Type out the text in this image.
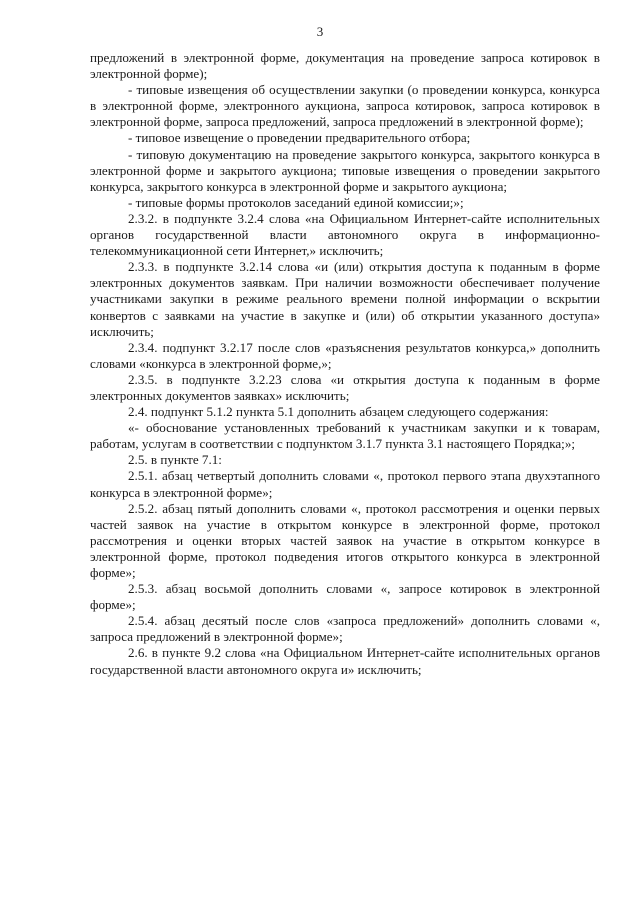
3

предложений в электронной форме, документация на проведение запроса котировок в электронной форме);

- типовые извещения об осуществлении закупки (о проведении конкурса, конкурса в электронной форме, электронного аукциона, запроса котировок, запроса котировок в электронной форме, запроса предложений, запроса предложений в электронной форме);

- типовое извещение о проведении предварительного отбора;

- типовую документацию на проведение закрытого конкурса, закрытого конкурса в электронной форме и закрытого аукциона; типовые извещения о проведении закрытого конкурса, закрытого конкурса в электронной форме и закрытого аукциона;

- типовые формы протоколов заседаний единой комиссии;»;

2.3.2. в подпункте 3.2.4 слова «на Официальном Интернет-сайте исполнительных органов государственной власти автономного округа в информационно-телекоммуникационной сети Интернет,» исключить;

2.3.3. в подпункте 3.2.14 слова «и (или) открытия доступа к поданным в форме электронных документов заявкам. При наличии возможности обеспечивает получение участниками закупки в режиме реального времени полной информации о вскрытии конвертов с заявками на участие в закупке и (или) об открытии указанного доступа» исключить;

2.3.4. подпункт 3.2.17 после слов «разъяснения результатов конкурса,» дополнить словами «конкурса в электронной форме,»;

2.3.5. в подпункте 3.2.23 слова «и открытия доступа к поданным в форме электронных документов заявках» исключить;

2.4. подпункт 5.1.2 пункта 5.1 дополнить абзацем следующего содержания:

«- обоснование установленных требований к участникам закупки и к товарам, работам, услугам в соответствии с подпунктом 3.1.7 пункта 3.1 настоящего Порядка;»;

2.5. в пункте 7.1:

2.5.1. абзац четвертый дополнить словами «, протокол первого этапа двухэтапного конкурса в электронной форме»;

2.5.2. абзац пятый дополнить словами «, протокол рассмотрения и оценки первых частей заявок на участие в открытом конкурсе в электронной форме, протокол рассмотрения и оценки вторых частей заявок на участие в открытом конкурсе в электронной форме, протокол подведения итогов открытого конкурса в электронной форме»;

2.5.3. абзац восьмой дополнить словами «, запросе котировок в электронной форме»;

2.5.4. абзац десятый после слов «запроса предложений» дополнить словами «, запроса предложений в электронной форме»;

2.6. в пункте 9.2 слова «на Официальном Интернет-сайте исполнительных органов государственной власти автономного округа и» исключить;
